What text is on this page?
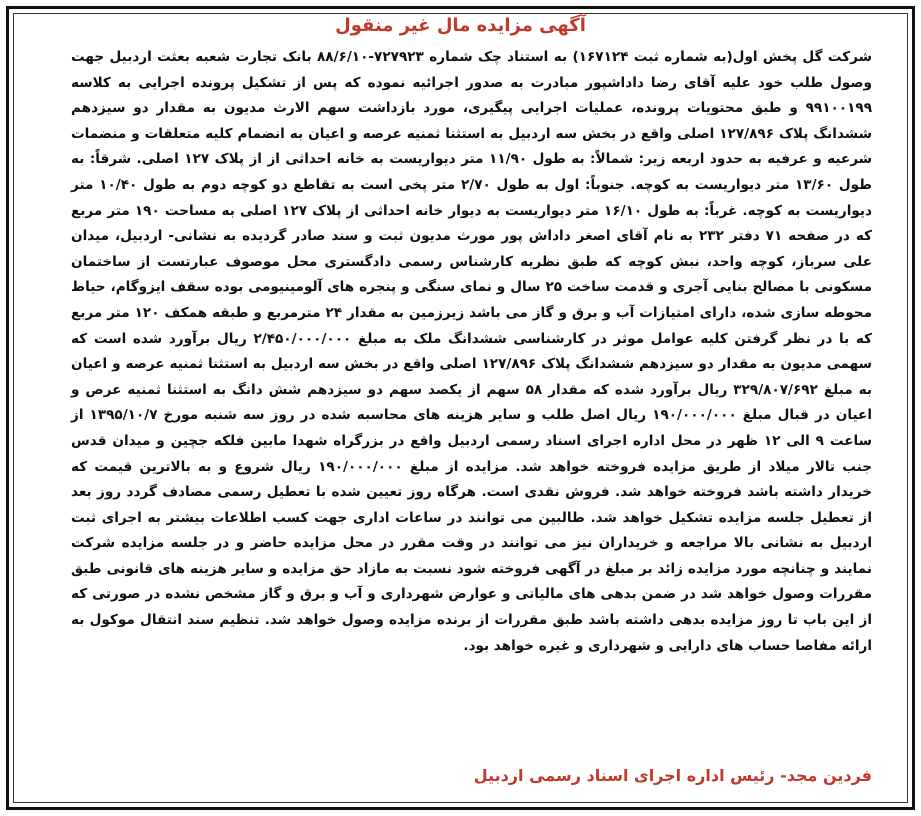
آگهی مزایده مال غیر منقول
شرکت گل پخش اول(به شماره ثبت ۱۶۷۱۲۴) به استناد چک شماره ۷۲۷۹۲۳-۸۸/۶/۱۰ بانک تجارت شعبه بعثت اردبیل جهت وصول طلب خود علیه آقای رضا داداشپور مبادرت به صدور اجرائیه نموده که پس از تشکیل پرونده اجرایی به کلاسه ۹۹۱۰۰۱۹۹ و طبق محتویات پرونده، عملیات اجرایی پیگیری، مورد بازداشت سهم الارث مدیون به مقدار دو سیزدهم ششدانگ پلاک ۱۲۷/۸۹۶ اصلی واقع در بخش سه اردبیل به استثنا ثمنیه عرصه و اعیان به انضمام کلیه متعلقات و منضمات شرعیه و عرفیه به حدود اربعه زیر: شمالاً: به طول ۱۱/۹۰ متر دیواریست به خانه احداثی از از پلاک ۱۲۷ اصلی. شرقاً: به طول ۱۳/۶۰ متر دیواریست به کوچه. جنوباً: اول به طول ۲/۷۰ متر پخی است به تقاطع دو کوچه دوم به طول ۱۰/۴۰ متر دیواریست به کوچه. غرباً: به طول ۱۶/۱۰ متر دیواریست به دیوار خانه احداثی از پلاک ۱۲۷ اصلی به مساحت ۱۹۰ متر مربع که در صفحه ۷۱ دفتر ۲۳۲ به نام آقای اصغر داداش پور مورث مدیون ثبت و سند صادر گردیده به نشانی- اردبیل، میدان علی سرباز، کوچه واحد، نبش کوچه که طبق نظریه کارشناس رسمی دادگستری محل موصوف عبارتست از ساختمان مسکونی با مصالح بنایی آجری و قدمت ساخت ۲۵ سال و نمای سنگی و پنجره های آلومینیومی بوده سقف ایزوگام، حیاط محوطه سازی شده، دارای امتیازات آب و برق و گاز می باشد زیرزمین به مقدار ۲۴ مترمربع و طبقه همکف ۱۲۰ متر مربع که با در نظر گرفتن کلیه عوامل موثر در کارشناسی ششدانگ ملک به مبلغ ۲/۴۵۰/۰۰۰/۰۰۰ ریال برآورد شده است که سهمی مدیون به مقدار دو سیزدهم ششدانگ پلاک ۱۲۷/۸۹۶ اصلی واقع در بخش سه اردبیل به استثنا ثمنیه عرصه و اعیان به مبلغ ۳۲۹/۸۰۷/۶۹۲ ریال برآورد شده که مقدار ۵۸ سهم از یکصد سهم دو سیزدهم شش دانگ به استثنا ثمنیه عرص و اعیان در قبال مبلغ ۱۹۰/۰۰۰/۰۰۰ ریال اصل طلب و سایر هزینه های محاسبه شده در روز سه شنبه مورخ ۱۳۹۵/۱۰/۷ از ساعت ۹ الی ۱۲ ظهر در محل اداره اجرای اسناد رسمی اردبیل واقع در بزرگراه شهدا مابین فلکه جچین و میدان قدس جنب تالار میلاد از طریق مزایده فروخته خواهد شد. مزایده از مبلغ ۱۹۰/۰۰۰/۰۰۰ ریال شروع و به بالاترین قیمت که خریدار داشته باشد فروخته خواهد شد. فروش نقدی است. هرگاه روز تعیین شده با تعطیل رسمی مصادف گردد روز بعد از تعطیل جلسه مزایده تشکیل خواهد شد. طالبین می توانند در ساعات اداری جهت کسب اطلاعات بیشتر به اجرای ثبت اردبیل به نشانی بالا مراجعه و خریداران نیز می توانند در وقت مقرر در محل مزایده حاضر و در جلسه مزایده شرکت نمایند و چنانچه مورد مزایده زائد بر مبلغ در آگهی فروخته شود نسبت به مازاد حق مزایده و سایر هزینه های قانونی طبق مقررات وصول خواهد شد در ضمن بدهی های مالیاتی و عوارض شهرداری و آب و برق و گاز مشخص نشده در صورتی که از این باب تا روز مزایده بدهی داشته باشد طبق مقررات از برنده مزایده وصول خواهد شد. تنظیم سند انتقال موکول به ارائه مفاصا حساب های دارایی و شهرداری و غیره خواهد بود.
فردین مجد- رئیس اداره اجرای اسناد رسمی اردبیل
